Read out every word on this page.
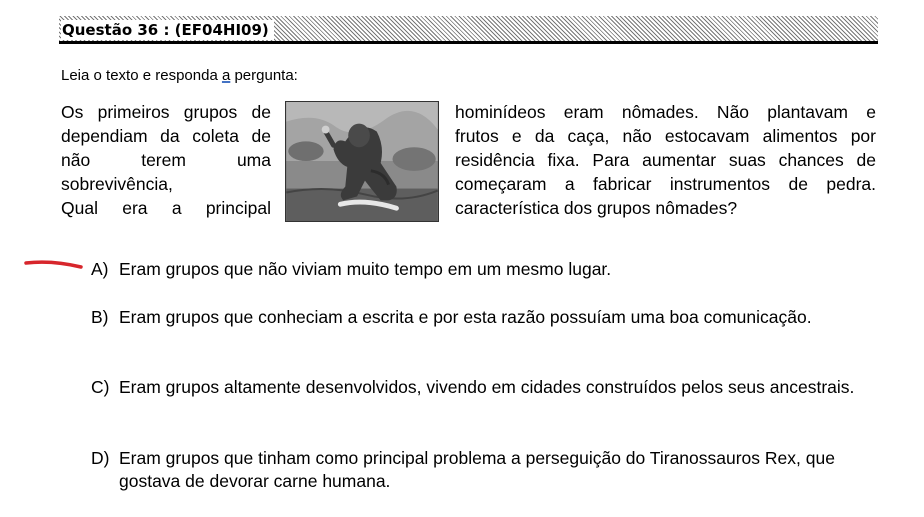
Questão 36 : (EF04HI09)
Leia o texto e responda a pergunta:
Os primeiros grupos de
dependiam da coleta de
não terem uma
sobrevivência,
Qual era a principal
hominídeos eram nômades. Não plantavam e
frutos e da caça, não estocavam alimentos por
residência fixa. Para aumentar suas chances de
começaram a fabricar instrumentos de pedra.
característica dos grupos nômades?
A) Eram grupos que não viviam muito tempo em um mesmo lugar.
B) Eram grupos que conheciam a escrita e por esta razão possuíam uma boa comunicação.
C) Eram grupos altamente desenvolvidos, vivendo em cidades construídos pelos seus ancestrais.
D) Eram grupos que tinham como principal problema a perseguição do Tiranossauros Rex, que gostava de devorar carne humana.
